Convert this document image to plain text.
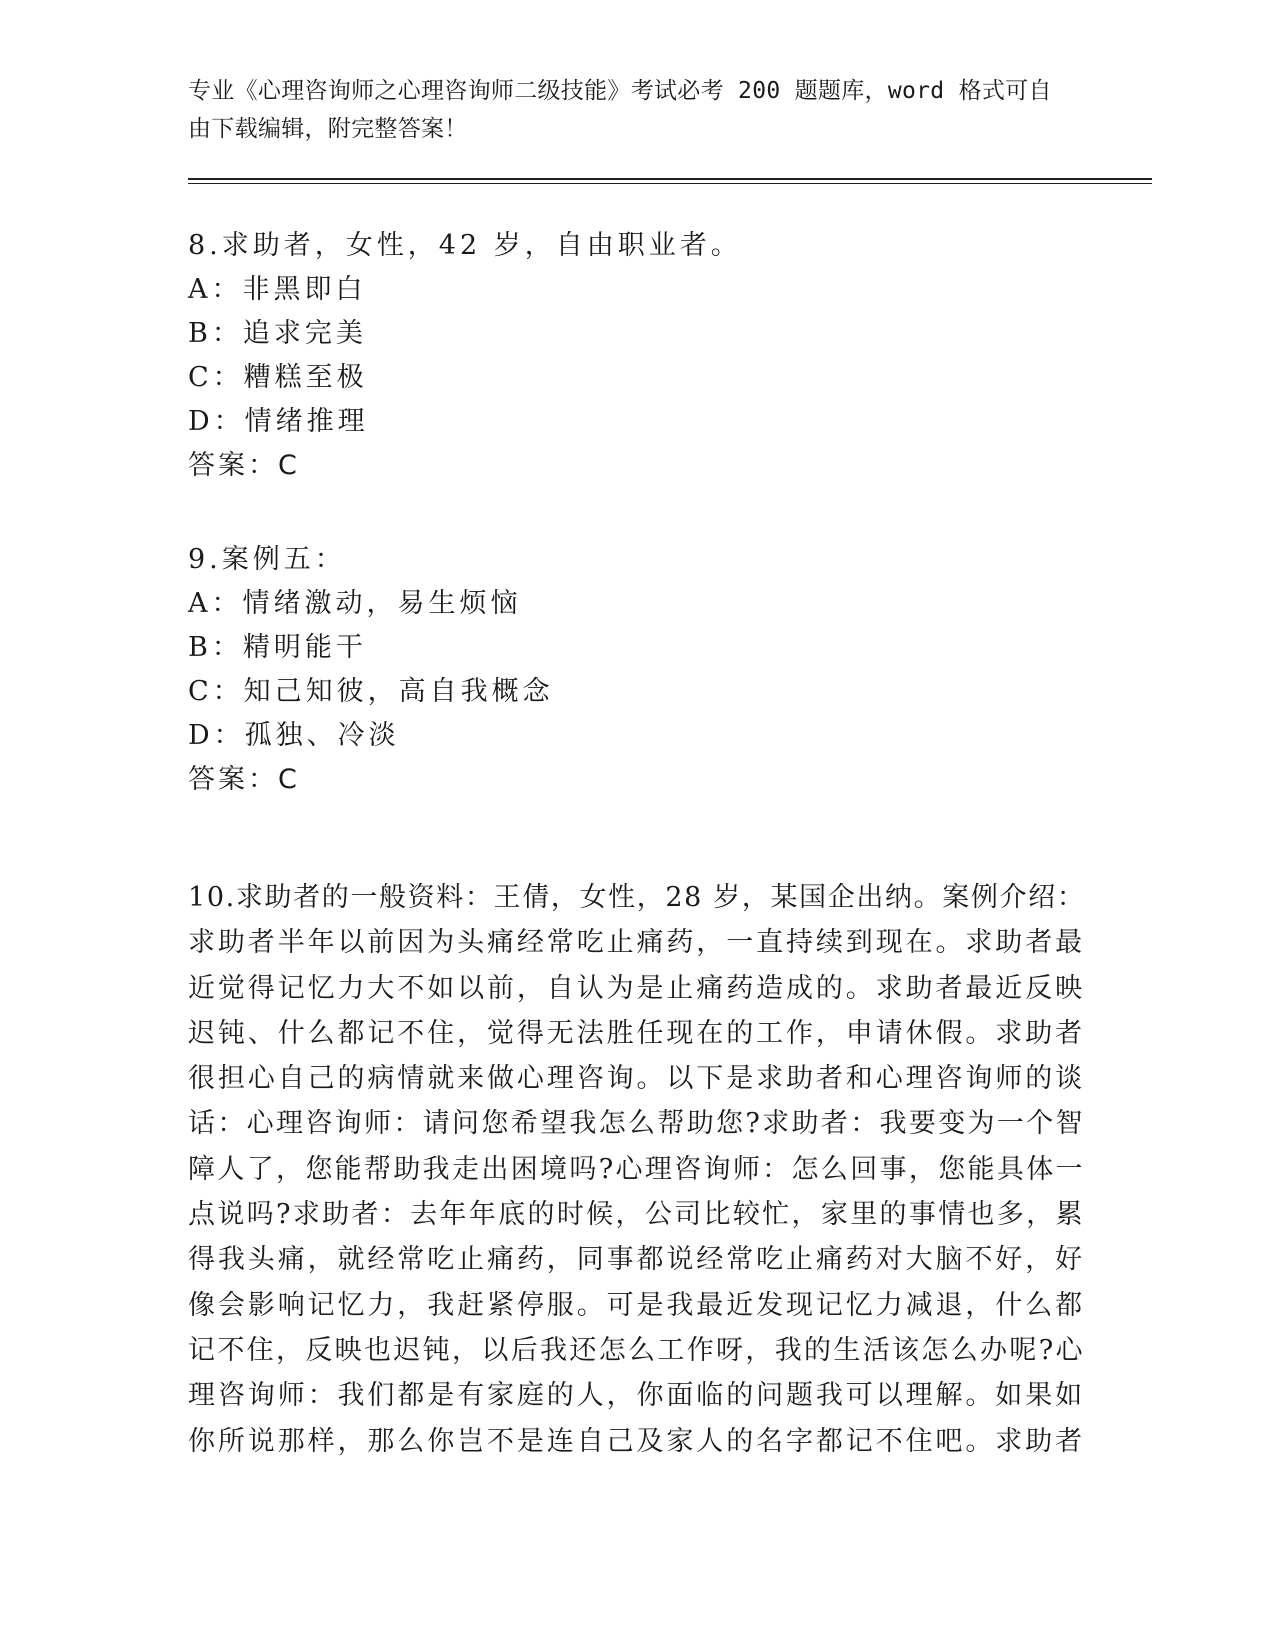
专业《心理咨询师之心理咨询师二级技能》考试必考 200 题题库，word 格式可自
由下载编辑，附完整答案！
8.求助者，女性，42 岁，自由职业者。
A：非黑即白
B：追求完美
C：糟糕至极
D：情绪推理
答案：C
9.案例五：
A：情绪激动，易生烦恼
B：精明能干
C：知己知彼，高自我概念
D：孤独、冷淡
答案：C
10.求助者的一般资料：王倩，女性，28 岁，某国企出纳。案例介绍：
求助者半年以前因为头痛经常吃止痛药，一直持续到现在。求助者最
近觉得记忆力大不如以前，自认为是止痛药造成的。求助者最近反映
迟钝、什么都记不住，觉得无法胜任现在的工作，申请休假。求助者
很担心自己的病情就来做心理咨询。以下是求助者和心理咨询师的谈
话：心理咨询师：请问您希望我怎么帮助您?求助者：我要变为一个智
障人了，您能帮助我走出困境吗?心理咨询师：怎么回事，您能具体一
点说吗?求助者：去年年底的时候，公司比较忙，家里的事情也多，累
得我头痛，就经常吃止痛药，同事都说经常吃止痛药对大脑不好，好
像会影响记忆力，我赶紧停服。可是我最近发现记忆力减退，什么都
记不住，反映也迟钝，以后我还怎么工作呀，我的生活该怎么办呢?心
理咨询师：我们都是有家庭的人，你面临的问题我可以理解。如果如
你所说那样，那么你岂不是连自己及家人的名字都记不住吧。求助者
